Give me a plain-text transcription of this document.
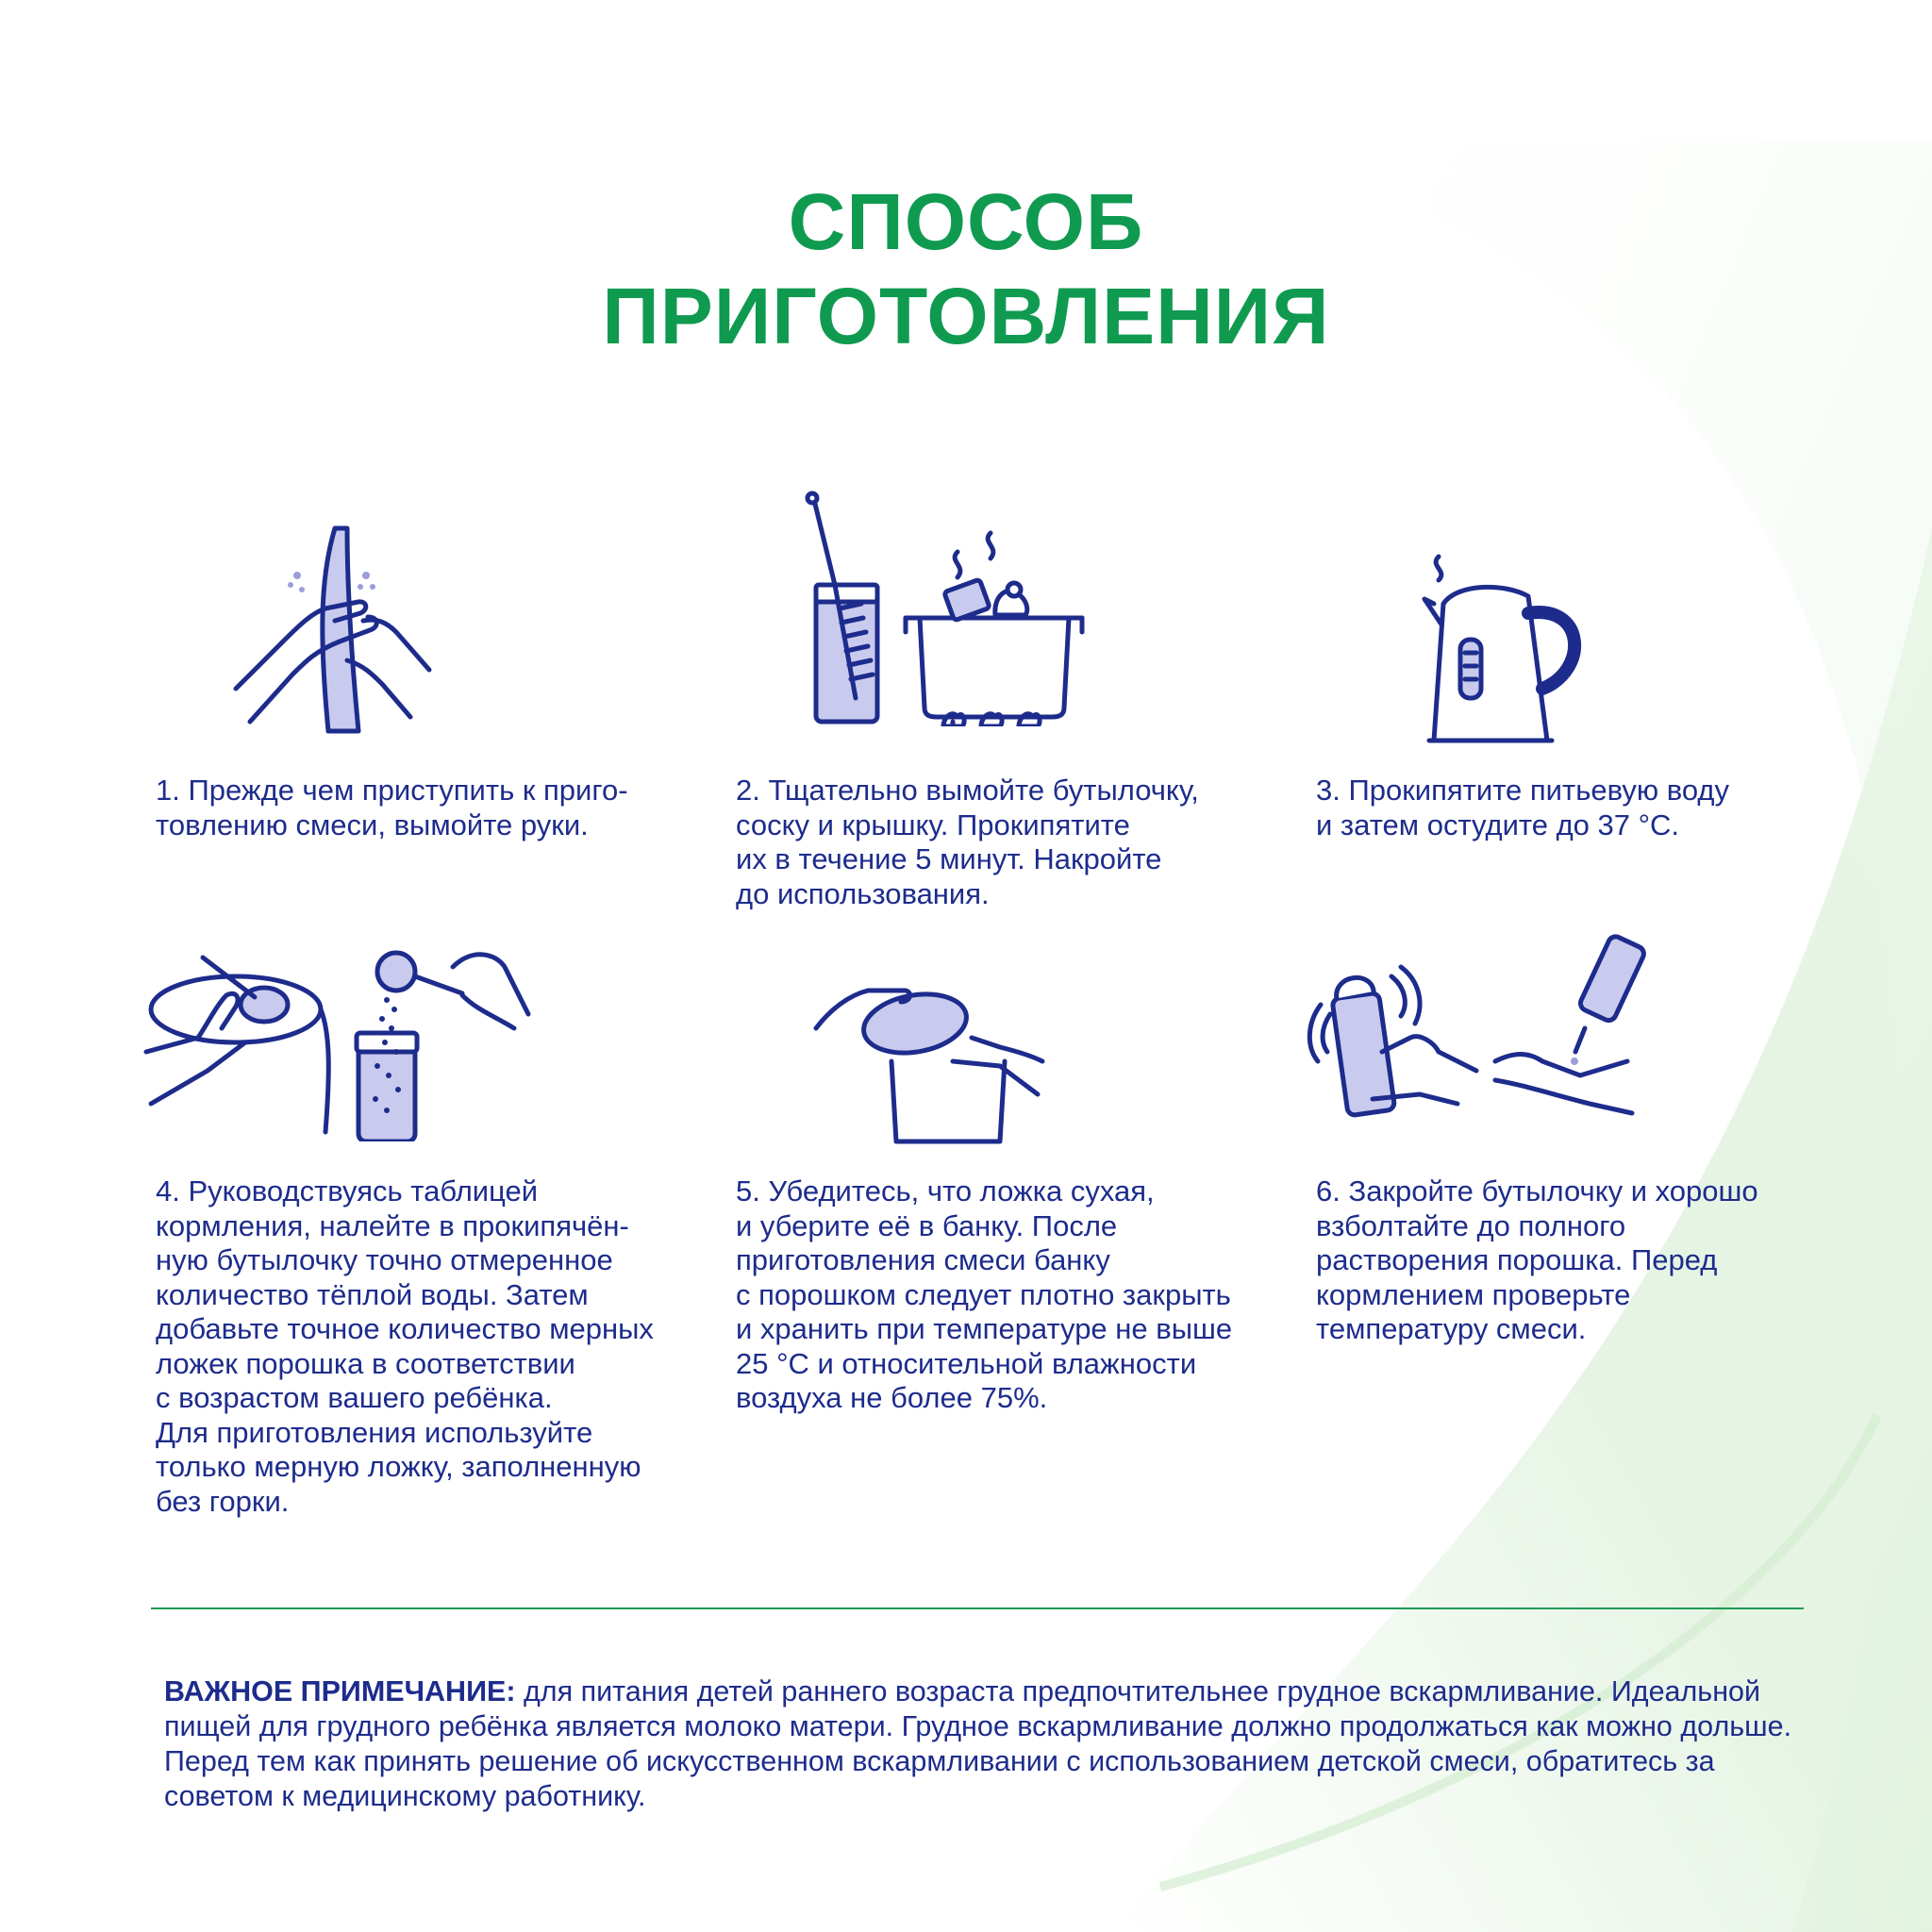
СПОСОБ
ПРИГОТОВЛЕНИЯ
1. Прежде чем приступить к приго-
товлению смеси, вымойте руки.
2. Тщательно вымойте бутылочку,
соску и крышку. Прокипятите
их в течение 5 минут. Накройте
до использования.
3. Прокипятите питьевую воду
и затем остудите до 37 °С.
4. Руководствуясь таблицей
кормления, налейте в прокипячён-
ную бутылочку точно отмеренное
количество тёплой воды. Затем
добавьте точное количество мерных
ложек порошка в соответствии
с возрастом вашего ребёнка.
Для приготовления используйте
только мерную ложку, заполненную
без горки.
5. Убедитесь, что ложка сухая,
и уберите её в банку. После
приготовления смеси банку
с порошком следует плотно закрыть
и хранить при температуре не выше
25 °С и относительной влажности
воздуха не более 75%.
6. Закройте бутылочку и хорошо
взболтайте до полного
растворения порошка. Перед
кормлением проверьте
температуру смеси.
ВАЖНОЕ ПРИМЕЧАНИЕ: для питания детей раннего возраста предпочтительнее грудное вскармливание. Идеальной пищей для грудного ребёнка является молоко матери. Грудное вскармливание должно продолжаться как можно дольше. Перед тем как принять решение об искусственном вскармливании с использованием детской смеси, обратитесь за советом к медицинскому работнику.
